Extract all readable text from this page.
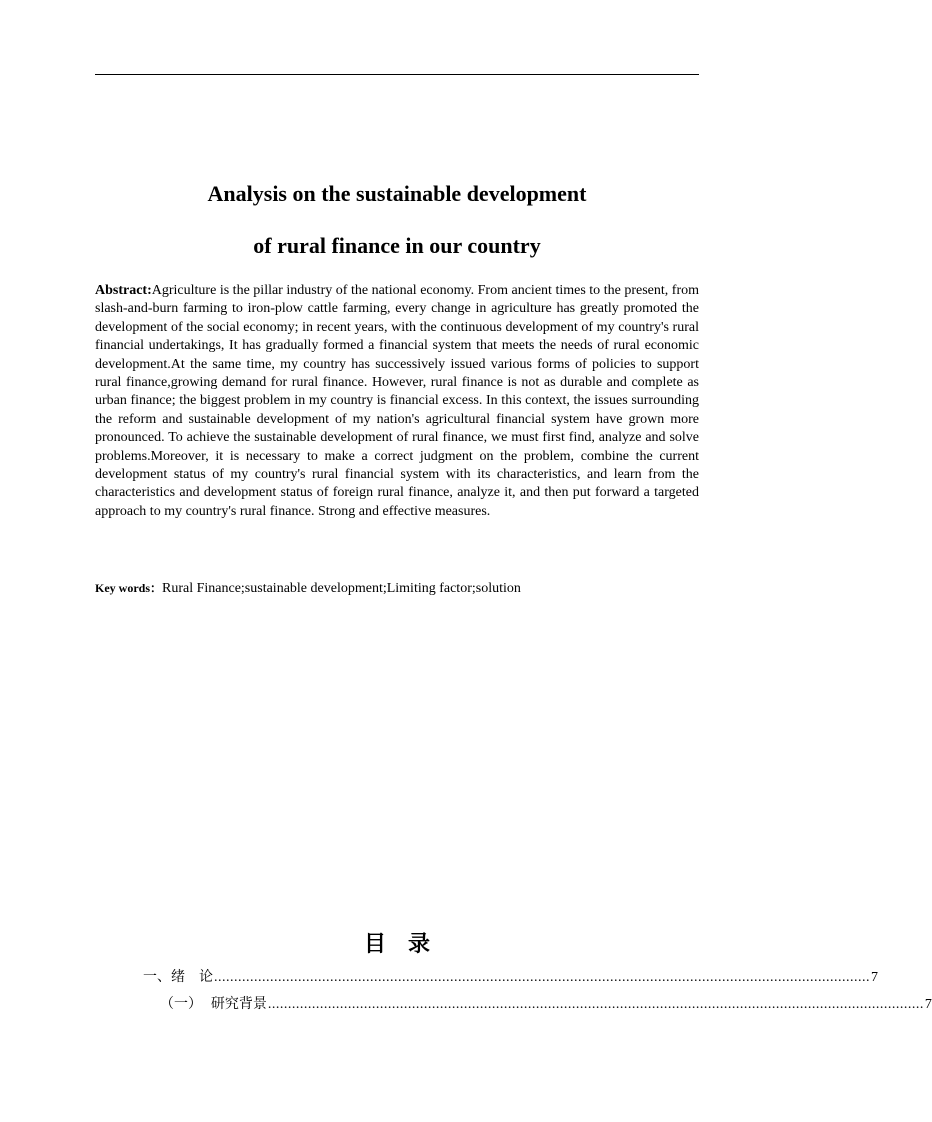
Analysis on the sustainable development
of rural finance in our country

Abstract:Agriculture is the pillar industry of the national economy. From ancient times to the present, from slash-and-burn farming to iron-plow cattle farming, every change in agriculture has greatly promoted the development of the social economy; in recent years, with the continuous development of my country's rural financial undertakings, It has gradually formed a financial system that meets the needs of rural economic development.At the same time, my country has successively issued various forms of policies to support rural finance,growing demand for rural finance. However, rural finance is not as durable and complete as urban finance; the biggest problem in my country is financial excess. In this context, the issues surrounding the reform and sustainable development of my nation's agricultural financial system have grown more pronounced. To achieve the sustainable development of rural finance, we must first find, analyze and solve problems.Moreover, it is necessary to make a correct judgment on the problem, combine the current development status of my country's rural financial system with its characteristics, and learn from the characteristics and development status of foreign rural finance, analyze it, and then put forward a targeted approach to my country's rural finance. Strong and effective measures.

Key words：Rural Finance;sustainable development;Limiting factor;solution

目录
一、绪　论 .................................................................................................................................................................... 7
（一）  研究背景 .................................................................................................................................................................... 7
